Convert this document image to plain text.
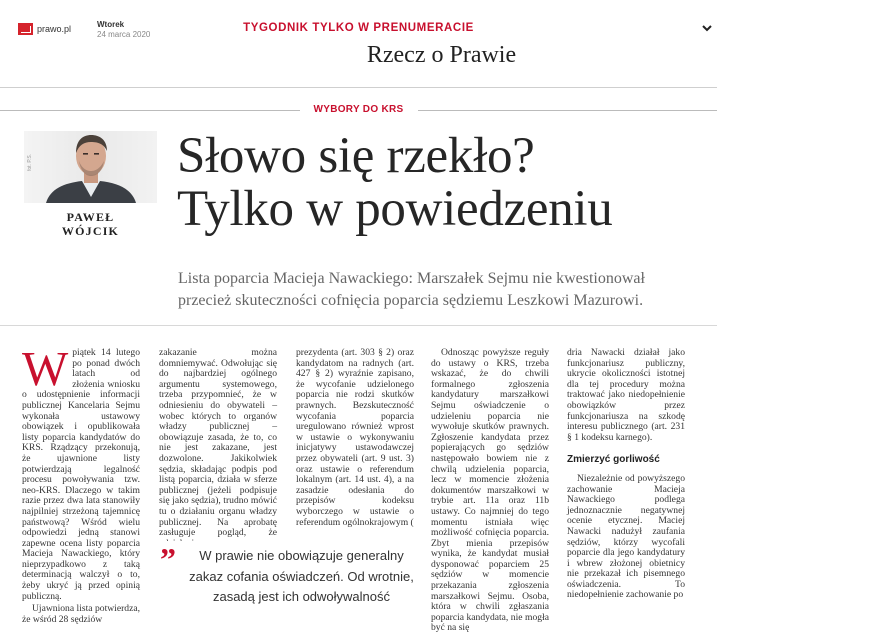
prawo.pl	Wtorek
24 marca 2020
TYGODNIK TYLKO W PRENUMERACIE
Rzecz o Prawie
WYBORY DO KRS
fot. P.S.
PAWEŁ
WÓJCIK
Słowo się rzekło?
Tylko w powiedzeniu

Lista poparcia Macieja Nawackiego: Marszałek Sejmu nie kwestionował przecież skuteczności cofnięcia poparcia sędziemu Leszkowi Mazurowi.

Wpiątek 14 lutego po ponad dwóch latach od złożenia wniosku o udostępnienie informacji publicznej Kancelaria Sejmu wykonała ustawowy obowiązek i opublikowała listy poparcia kandydatów do KRS. Rządzący przekonują, że ujawnione listy potwierdzają legalność procesu powoływania tzw. neo-KRS. Dlaczego w takim razie przez dwa lata stanowiły najpilniej strzeżoną tajemnicę państwową? Wśród wielu odpowiedzi jedną stanowi zapewne ocena listy poparcia Macieja Nawackiego, który nieprzypadkowo z taką determinacją walczył o to, żeby ukryć ją przed opinią publiczną.

Ujawniona lista potwierdza, że wśród 28 sędziów

zakazanie można domniemywać. Odwołując się do najbardziej ogólnego argumentu systemowego, trzeba przypomnieć, że w odniesieniu do obywateli – wobec których to organów władzy publicznej – obowiązuje zasada, że to, co nie jest zakazane, jest dozwolone. Jakikolwiek sędzia, składając podpis pod listą poparcia, działa w sferze publicznej (jeżeli podpisuje się jako sędzia), trudno mówić tu o działaniu organu władzy publicznej. Na aprobatę zasługuje pogląd, że

prezydenta (art. 303 § 2) oraz kandydatom na radnych (art. 427 § 2) wyraźnie zapisano, że wycofanie udzielonego poparcia nie rodzi skutków prawnych. Bezskuteczność wycofania poparcia uregulowano również wprost w ustawie o wykonywaniu inicjatywy ustawodawczej przez obywateli (art. 9 ust. 3) oraz ustawie o referendum lokalnym (art. 14 ust. 4), a na zasadzie odesłania do przepisów kodeksu wyborczego w ustawie o referendum ogólnokrajowym (

Odnosząc powyższe reguły do ustawy o KRS, trzeba wskazać, że do chwili formalnego zgłoszenia kandydatury marszałkowi Sejmu oświadczenie o udzieleniu poparcia nie wywołuje skutków prawnych. Zgłoszenie kandydata przez popierających go sędziów następowało bowiem nie z chwilą udzielenia poparcia, lecz w momencie złożenia dokumentów marszałkowi w trybie art. 11a oraz 11b ustawy. Co najmniej do tego momentu istniała więc możliwość cofnięcia poparcia. Zbyt mienia przepisów wynika, że kandydat musiał dysponować poparciem 25 sędziów w momencie przekazania zgłoszenia marszałkowi Sejmu. Osoba, która w chwili zgłaszania poparcia kandydata, nie mogła być na się

dria Nawacki działał jako funkcjonariusz publiczny, ukrycie okoliczności istotnej dla tej procedury można traktować jako niedopełnienie obowiązków przez funkcjonariusza na szkodę interesu publicznego (art. 231 § 1 kodeksu karnego).

Zmierzyć gorliwość

Niezależnie od powyższego zachowanie Macieja Nawackiego podlega jednoznacznie negatywnej ocenie etycznej. Maciej Nawacki nadużył zaufania sędziów, którzy wycofali poparcie dla jego kandydatury i wbrew złożonej obietnicy nie przekazał ich pisemnego oświadczenia. To niedopełnienie zachowanie po

”	W prawie nie obowiązuje generalny zakaz cofania oświadczeń. Od wrotnie, zasadą jest ich odwoływalność
